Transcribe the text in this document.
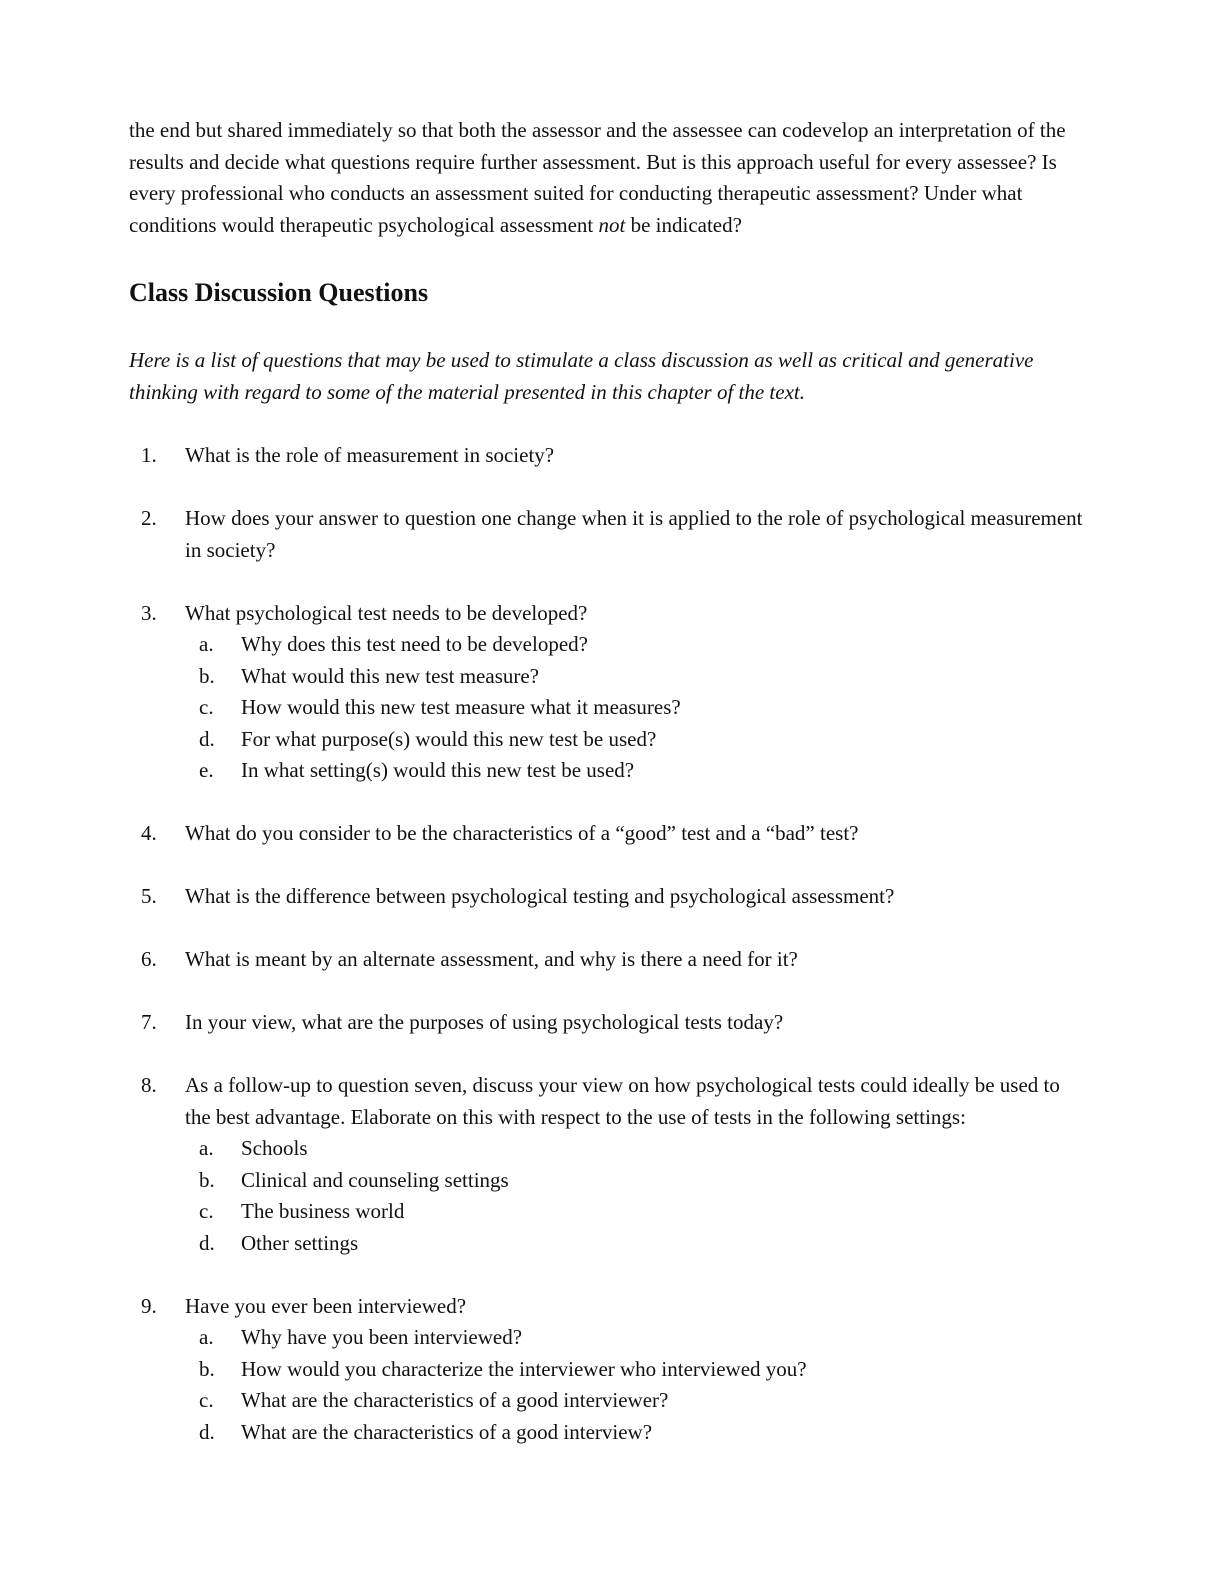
the end but shared immediately so that both the assessor and the assessee can codevelop an interpretation of the results and decide what questions require further assessment. But is this approach useful for every assessee? Is every professional who conducts an assessment suited for conducting therapeutic assessment? Under what conditions would therapeutic psychological assessment not be indicated?

Class Discussion Questions

Here is a list of questions that may be used to stimulate a class discussion as well as critical and generative thinking with regard to some of the material presented in this chapter of the text.

1. What is the role of measurement in society?
2. How does your answer to question one change when it is applied to the role of psychological measurement in society?
3. What psychological test needs to be developed?
a. Why does this test need to be developed?
b. What would this new test measure?
c. How would this new test measure what it measures?
d. For what purpose(s) would this new test be used?
e. In what setting(s) would this new test be used?
4. What do you consider to be the characteristics of a “good” test and a “bad” test?
5. What is the difference between psychological testing and psychological assessment?
6. What is meant by an alternate assessment, and why is there a need for it?
7. In your view, what are the purposes of using psychological tests today?
8. As a follow-up to question seven, discuss your view on how psychological tests could ideally be used to the best advantage. Elaborate on this with respect to the use of tests in the following settings:
a. Schools
b. Clinical and counseling settings
c. The business world
d. Other settings
9. Have you ever been interviewed?
a. Why have you been interviewed?
b. How would you characterize the interviewer who interviewed you?
c. What are the characteristics of a good interviewer?
d. What are the characteristics of a good interview?
